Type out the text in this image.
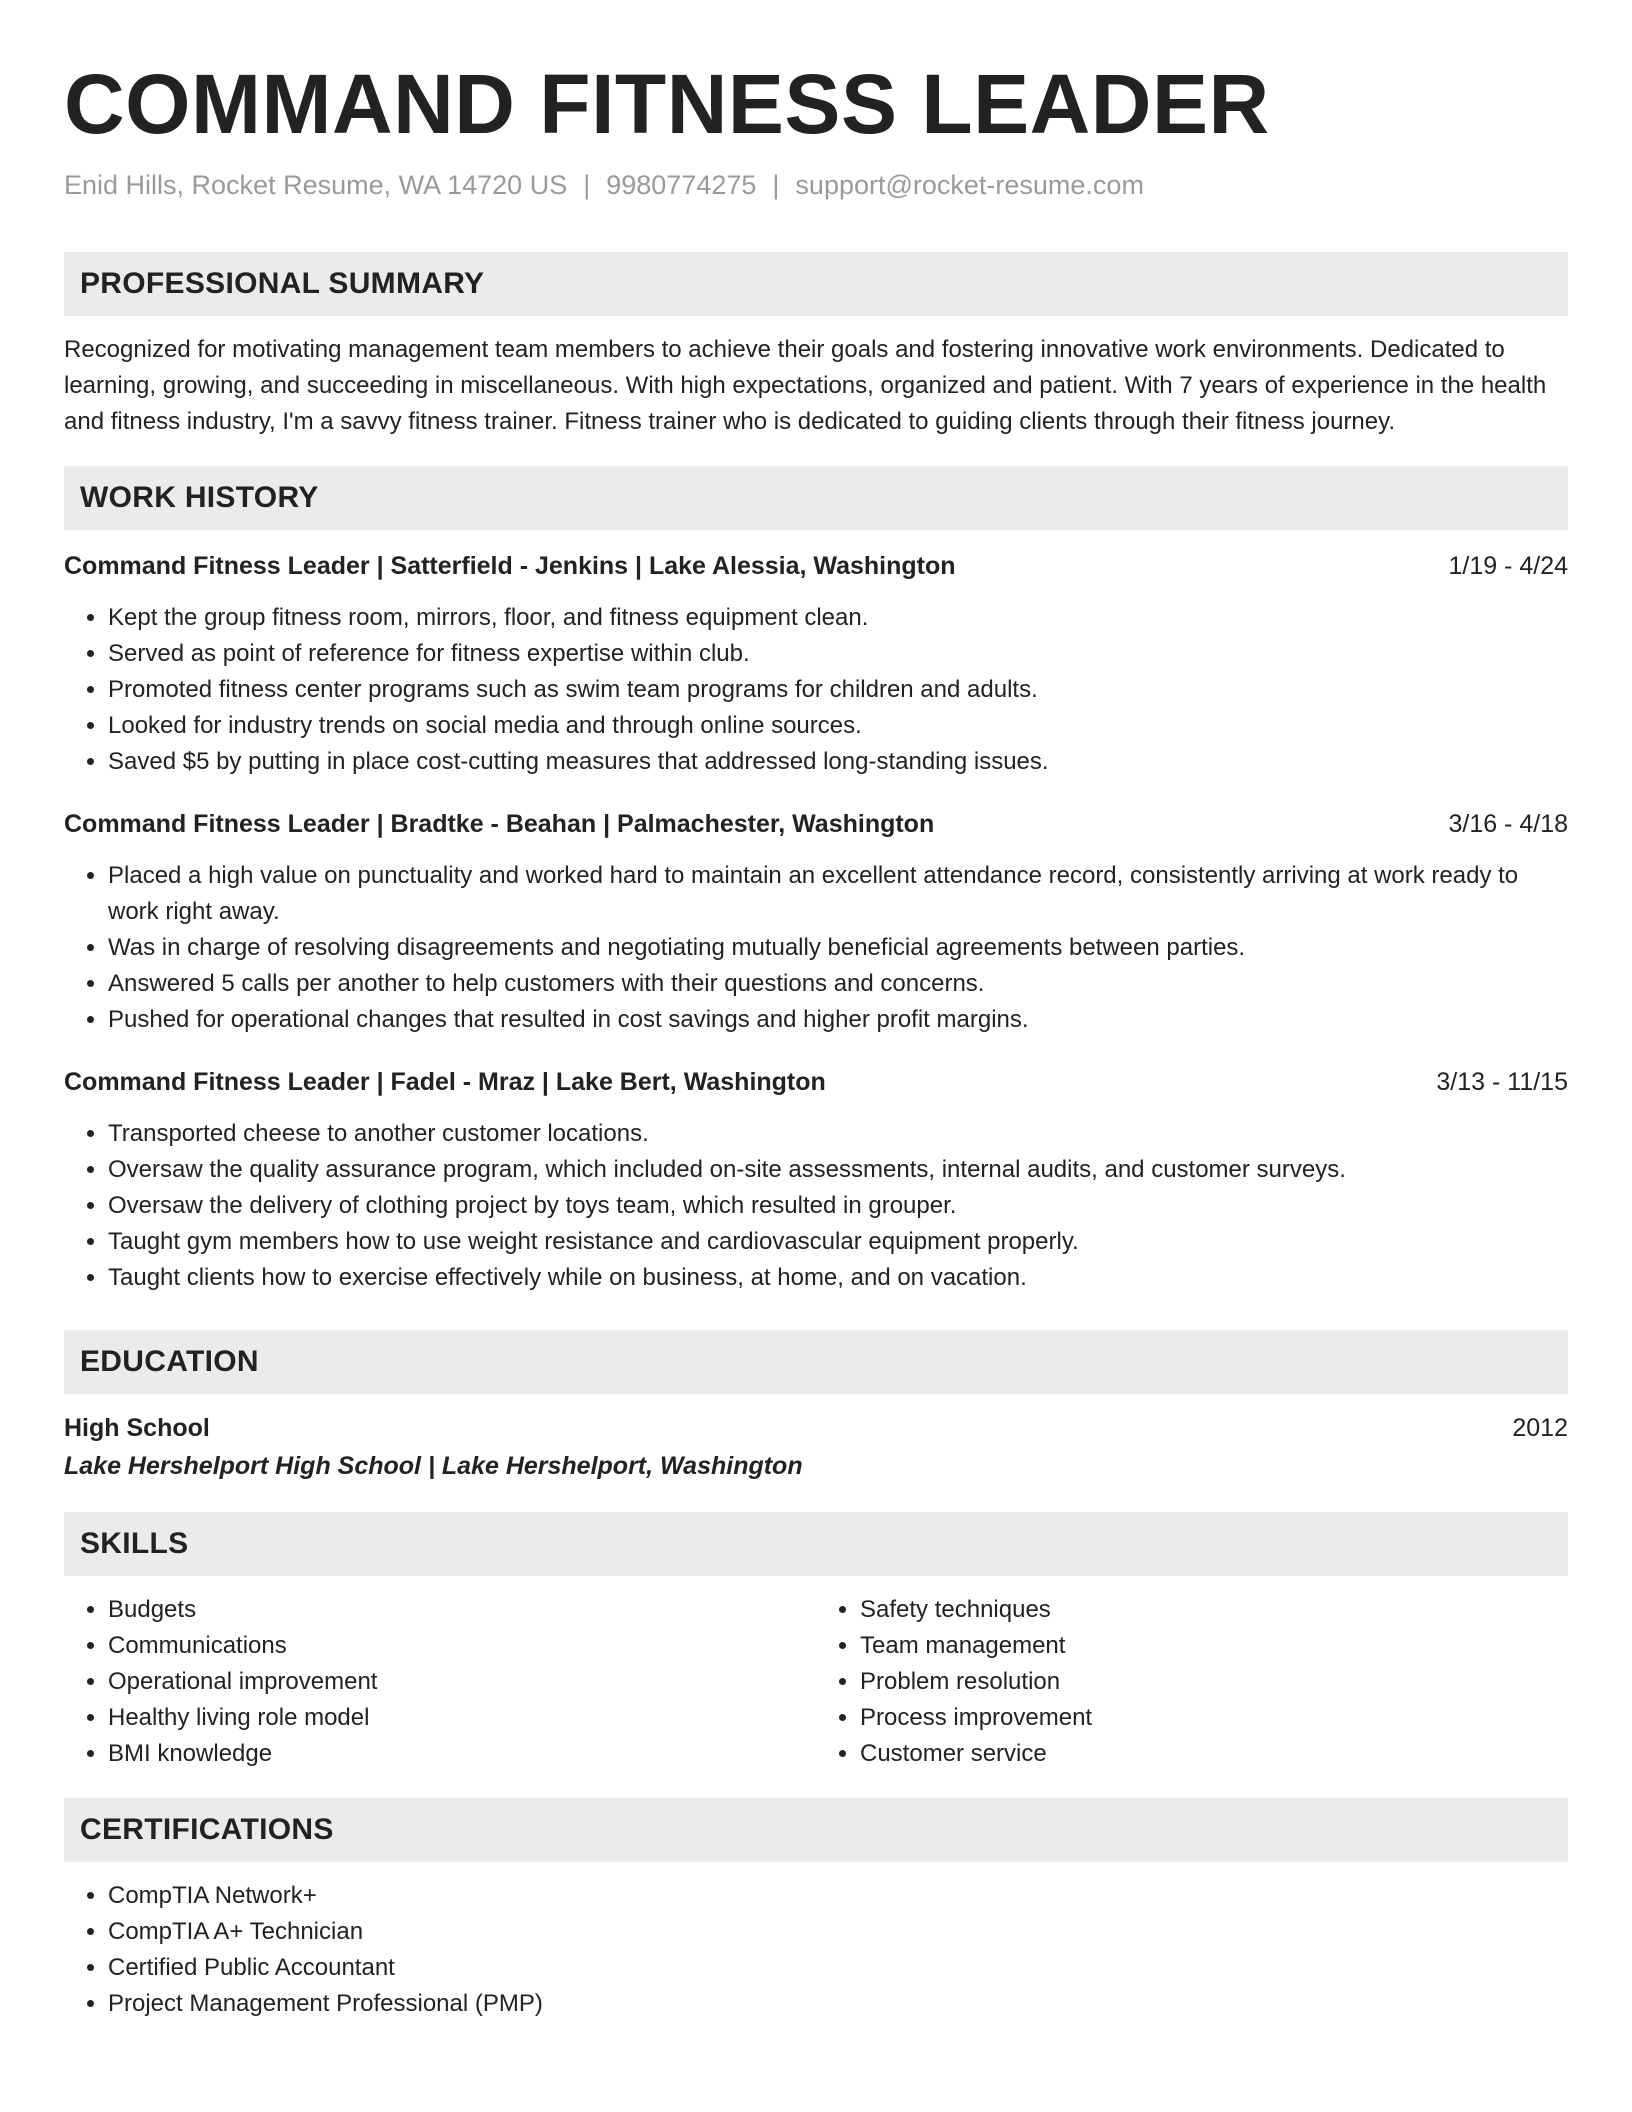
COMMAND FITNESS LEADER
Enid Hills, Rocket Resume, WA 14720 US | 9980774275 | support@rocket-resume.com
PROFESSIONAL SUMMARY
Recognized for motivating management team members to achieve their goals and fostering innovative work environments. Dedicated to learning, growing, and succeeding in miscellaneous. With high expectations, organized and patient. With 7 years of experience in the health and fitness industry, I'm a savvy fitness trainer. Fitness trainer who is dedicated to guiding clients through their fitness journey.
WORK HISTORY
Command Fitness Leader | Satterfield - Jenkins | Lake Alessia, Washington	1/19 - 4/24
• Kept the group fitness room, mirrors, floor, and fitness equipment clean.
• Served as point of reference for fitness expertise within club.
• Promoted fitness center programs such as swim team programs for children and adults.
• Looked for industry trends on social media and through online sources.
• Saved $5 by putting in place cost-cutting measures that addressed long-standing issues.
Command Fitness Leader | Bradtke - Beahan | Palmachester, Washington	3/16 - 4/18
• Placed a high value on punctuality and worked hard to maintain an excellent attendance record, consistently arriving at work ready to work right away.
• Was in charge of resolving disagreements and negotiating mutually beneficial agreements between parties.
• Answered 5 calls per another to help customers with their questions and concerns.
• Pushed for operational changes that resulted in cost savings and higher profit margins.
Command Fitness Leader | Fadel - Mraz | Lake Bert, Washington	3/13 - 11/15
• Transported cheese to another customer locations.
• Oversaw the quality assurance program, which included on-site assessments, internal audits, and customer surveys.
• Oversaw the delivery of clothing project by toys team, which resulted in grouper.
• Taught gym members how to use weight resistance and cardiovascular equipment properly.
• Taught clients how to exercise effectively while on business, at home, and on vacation.
EDUCATION
High School	2012
Lake Hershelport High School | Lake Hershelport, Washington
SKILLS
• Budgets
• Communications
• Operational improvement
• Healthy living role model
• BMI knowledge
• Safety techniques
• Team management
• Problem resolution
• Process improvement
• Customer service
CERTIFICATIONS
• CompTIA Network+
• CompTIA A+ Technician
• Certified Public Accountant
• Project Management Professional (PMP)
